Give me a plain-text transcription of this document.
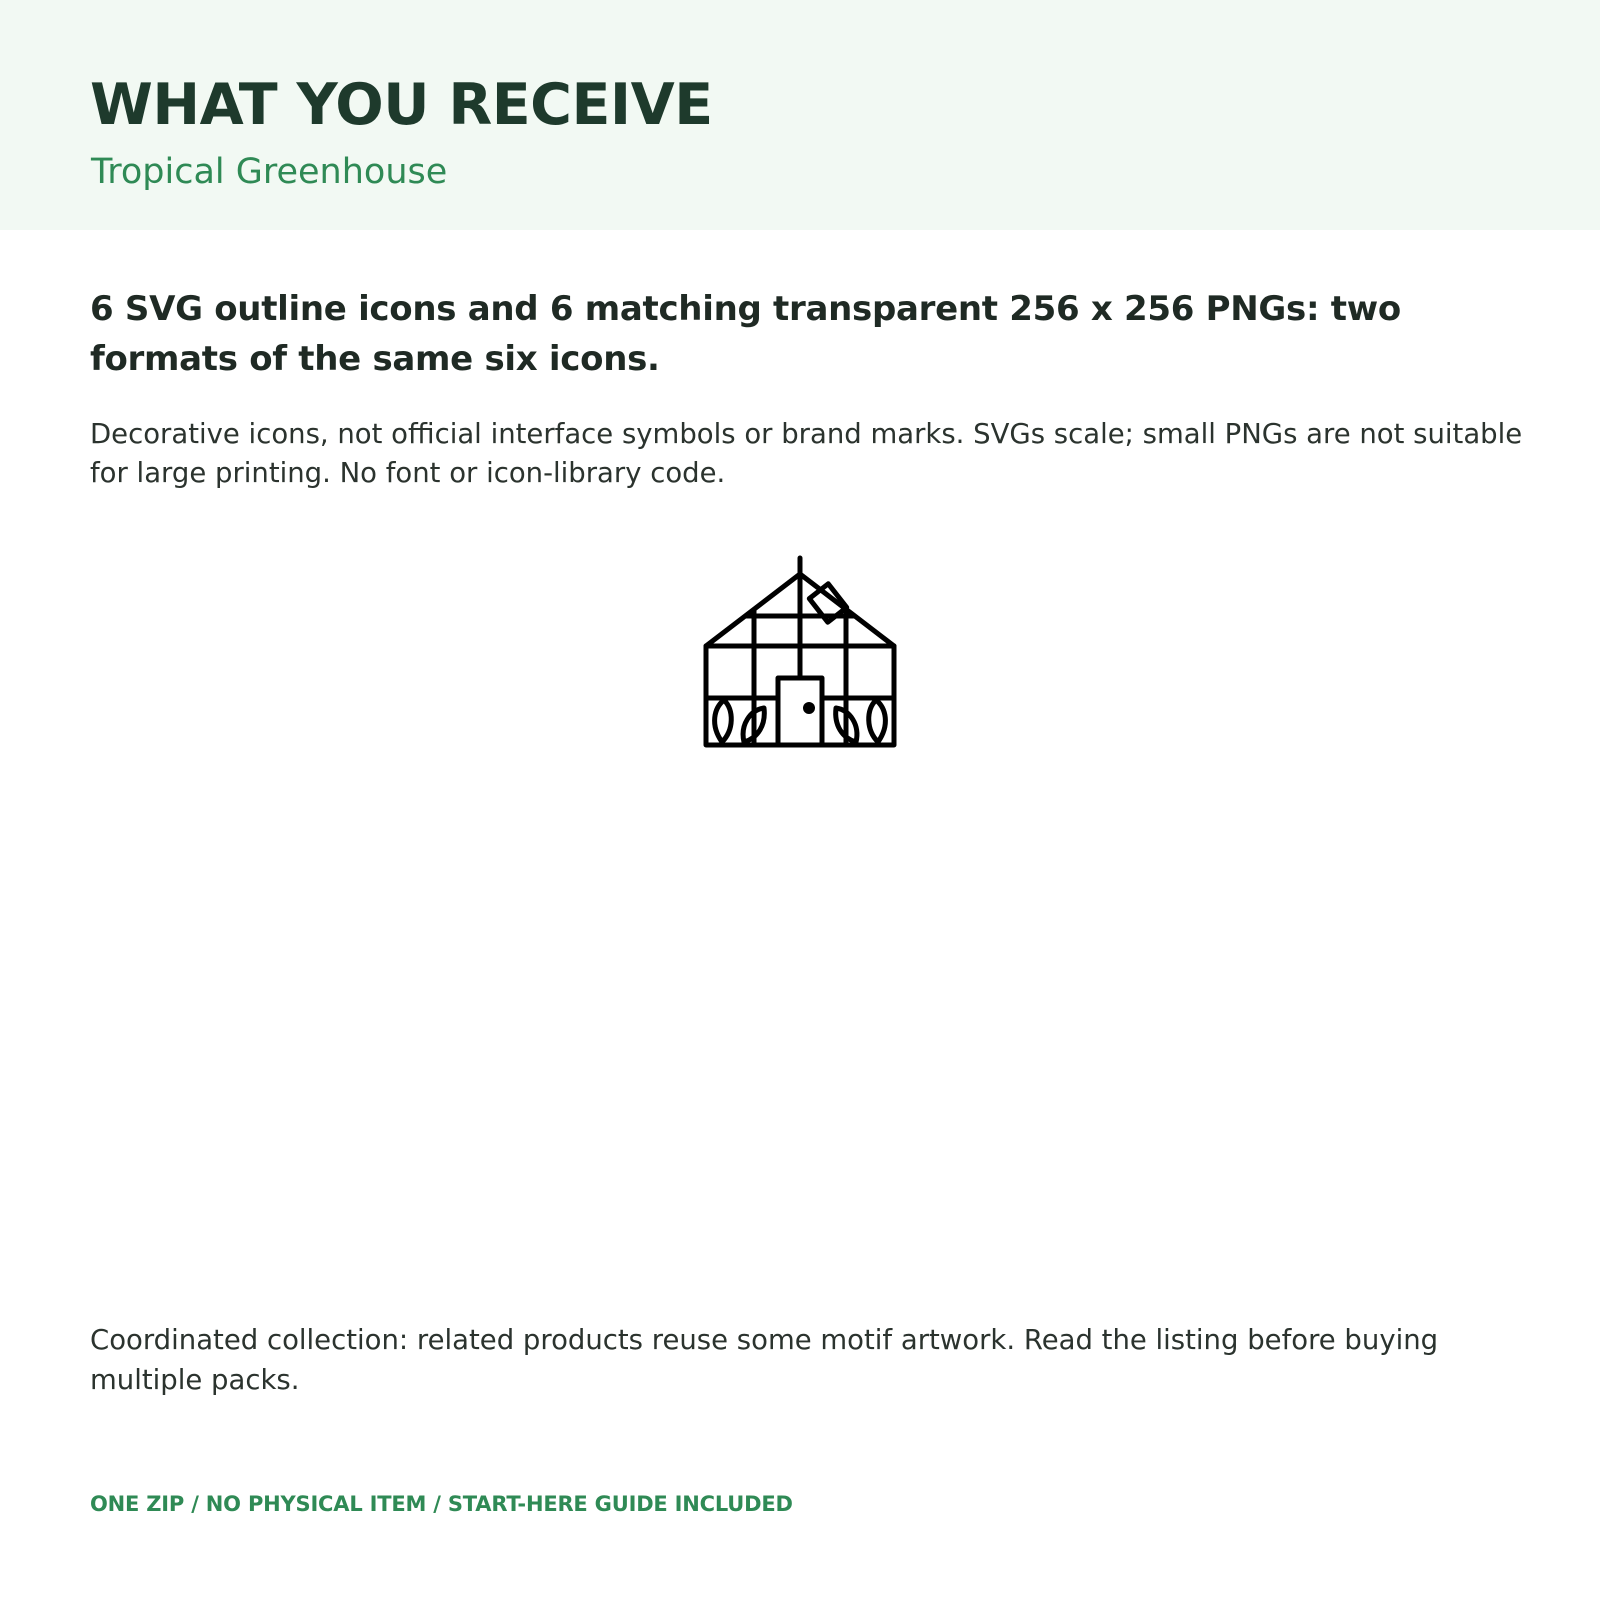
WHAT YOU RECEIVE

Tropical Greenhouse

6 SVG outline icons and 6 matching transparent 256 x 256 PNGs: two formats of the same six icons.

Decorative icons, not official interface symbols or brand marks. SVGs scale; small PNGs are not suitable for large printing. No font or icon-library code.

Coordinated collection: related products reuse some motif artwork. Read the listing before buying multiple packs.

ONE ZIP / NO PHYSICAL ITEM / START-HERE GUIDE INCLUDED
